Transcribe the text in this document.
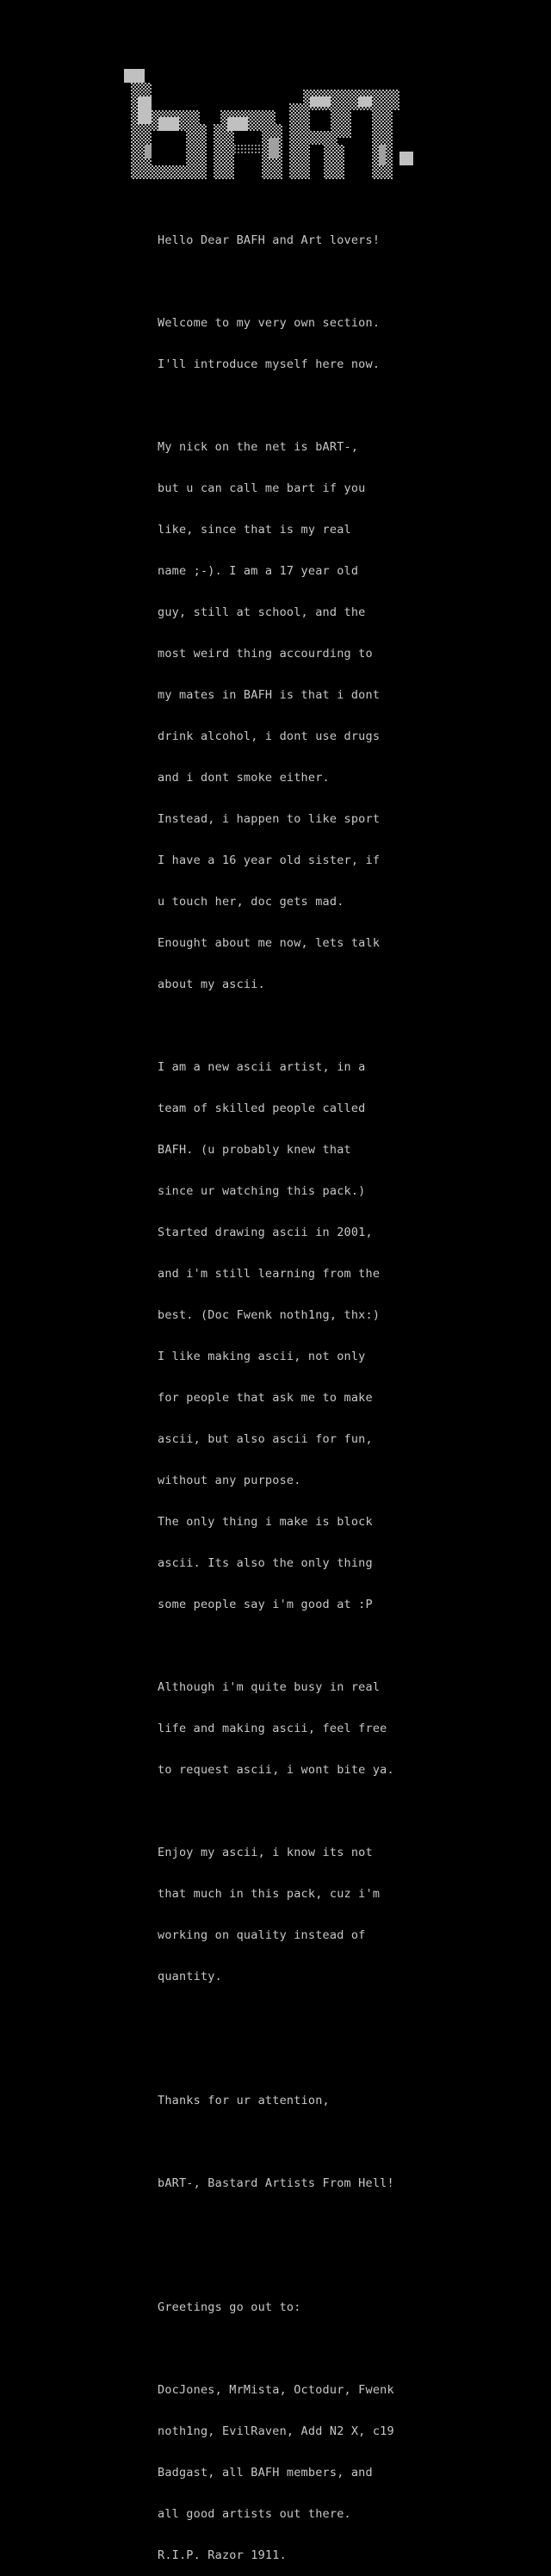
Hello Dear BAFH and Art lovers!

Welcome to my very own section.

I'll introduce myself here now.

My nick on the net is bART-,

but u can call me bart if you

like, since that is my real

name ;-). I am a 17 year old

guy, still at school, and the

most weird thing accourding to

my mates in BAFH is that i dont

drink alcohol, i dont use drugs

and i dont smoke either.

Instead, i happen to like sport

I have a 16 year old sister, if

u touch her, doc gets mad.

Enought about me now, lets talk

about my ascii.

I am a new ascii artist, in a

team of skilled people called

BAFH. (u probably knew that

since ur watching this pack.)

Started drawing ascii in 2001,

and i'm still learning from the

best. (Doc Fwenk noth1ng, thx:)

I like making ascii, not only

for people that ask me to make

ascii, but also ascii for fun,

without any purpose.

The only thing i make is block

ascii. Its also the only thing

some people say i'm good at :P

Although i'm quite busy in real

life and making ascii, feel free

to request ascii, i wont bite ya.

Enjoy my ascii, i know its not

that much in this pack, cuz i'm

working on quality instead of

quantity.

Thanks for ur attention,

bART-, Bastard Artists From Hell!

Greetings go out to:

DocJones, MrMista, Octodur, Fwenk

noth1ng, EvilRaven, Add N2 X, c19

Badgast, all BAFH members, and

all good artists out there.

R.I.P. Razor 1911.
